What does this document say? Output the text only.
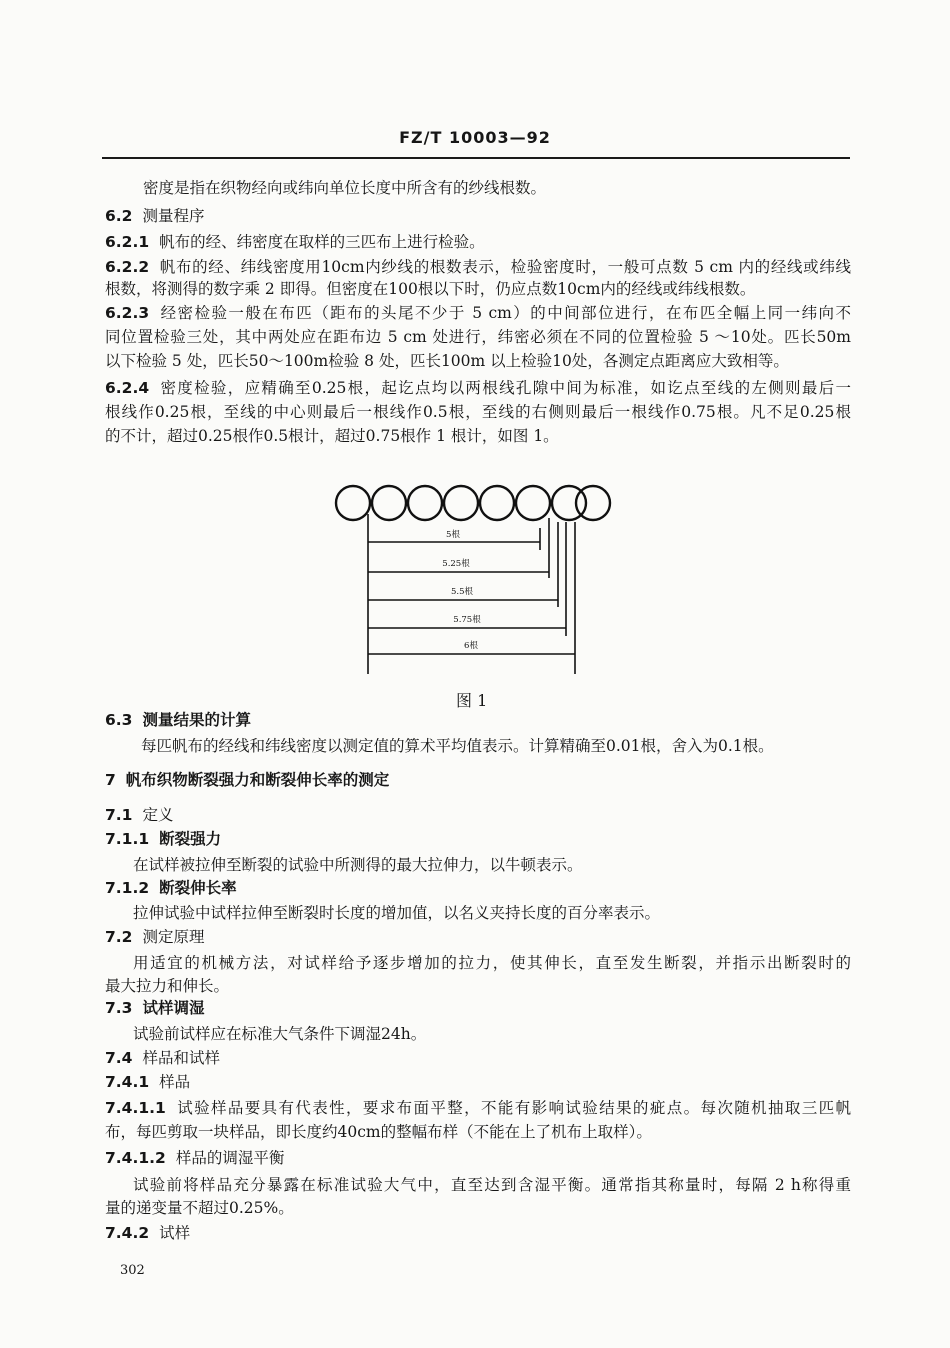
FZ/T 10003—92
密度是指在织物经向或纬向单位长度中所含有的纱线根数。
6.2 测量程序
6.2.1 帆布的经、纬密度在取样的三匹布上进行检验。
6.2.2 帆布的经、纬线密度用10cm内纱线的根数表示，检验密度时，一般可点数 5 cm 内的经线或纬线
根数，将测得的数字乘 2 即得。但密度在100根以下时，仍应点数10cm内的经线或纬线根数。
6.2.3 经密检验一般在布匹（距布的头尾不少于 5 cm）的中间部位进行，在布匹全幅上同一纬向不
同位置检验三处，其中两处应在距布边 5 cm 处进行，纬密必须在不同的位置检验 5 ～10处。匹长50m
以下检验 5 处，匹长50～100m检验 8 处，匹长100m 以上检验10处，各测定点距离应大致相等。
6.2.4 密度检验，应精确至0.25根，起讫点均以两根线孔隙中间为标准，如讫点至线的左侧则最后一
根线作0.25根，至线的中心则最后一根线作0.5根，至线的右侧则最后一根线作0.75根。凡不足0.25根
的不计，超过0.25根作0.5根计，超过0.75根作 1 根计，如图 1。
5根
5.25根
5.5根
5.75根
6根
图 1
6.3 测量结果的计算
每匹帆布的经线和纬线密度以测定值的算术平均值表示。计算精确至0.01根，舍入为0.1根。
7 帆布织物断裂强力和断裂伸长率的测定
7.1 定义
7.1.1 断裂强力
在试样被拉伸至断裂的试验中所测得的最大拉伸力，以牛顿表示。
7.1.2 断裂伸长率
拉伸试验中试样拉伸至断裂时长度的增加值，以名义夹持长度的百分率表示。
7.2 测定原理
用适宜的机械方法，对试样给予逐步增加的拉力，使其伸长，直至发生断裂，并指示出断裂时的
最大拉力和伸长。
7.3 试样调湿
试验前试样应在标准大气条件下调湿24h。
7.4 样品和试样
7.4.1 样品
7.4.1.1 试验样品要具有代表性，要求布面平整，不能有影响试验结果的疵点。每次随机抽取三匹帆
布，每匹剪取一块样品，即长度约40cm的整幅布样（不能在上了机布上取样）。
7.4.1.2 样品的调湿平衡
试验前将样品充分暴露在标准试验大气中，直至达到含湿平衡。通常指其称量时，每隔 2 h称得重
量的递变量不超过0.25%。
7.4.2 试样
302
